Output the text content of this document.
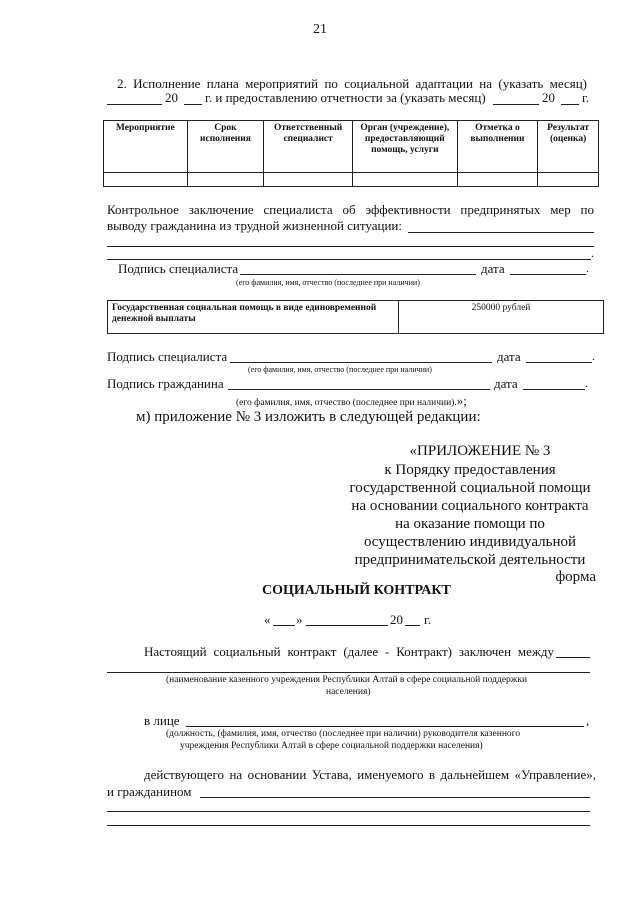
21
2. Исполнение плана мероприятий по социальной адаптации на (указать месяц)
20 г. и предоставлению отчетности за (указать месяц)	20 г.
Мероприятие	Срок исполнения	Ответственный специалист	Орган (учреждение), предоставляющий помощь, услуги	Отметка о выполнении	Результат (оценка)

Контрольное заключение специалиста об эффективности предпринятых мер по
выводу гражданина из трудной жизненной ситуации:
.
Подпись специалиста	дата	.
(его фамилия, имя, отчество (последнее при наличии)
Государственная социальная помощь в виде единовременной денежной выплаты	250000 рублей
Подпись специалиста	дата	.
(его фамилия, имя, отчество (последнее при наличии)
Подпись гражданина	дата	.
(его фамилия, имя, отчество (последнее при наличии).»;
м) приложение № 3 изложить в следующей редакции:
«ПРИЛОЖЕНИЕ № 3
к Порядку предоставления
государственной социальной помощи
на основании социального контракта
на оказание помощи по
осуществлению индивидуальной
предпринимательской деятельности
форма
СОЦИАЛЬНЫЙ КОНТРАКТ
« »	20 г.
Настоящий социальный контракт (далее - Контракт) заключен между
(наименование казенного учреждения Республики Алтай в сфере социальной поддержки
населения)
в лице	,
(должность, (фамилия, имя, отчество (последнее при наличии) руководителя казенного
учреждения Республики Алтай в сфере социальной поддержки населения)
действующего на основании Устава, именуемого в дальнейшем «Управление»,
и гражданином
